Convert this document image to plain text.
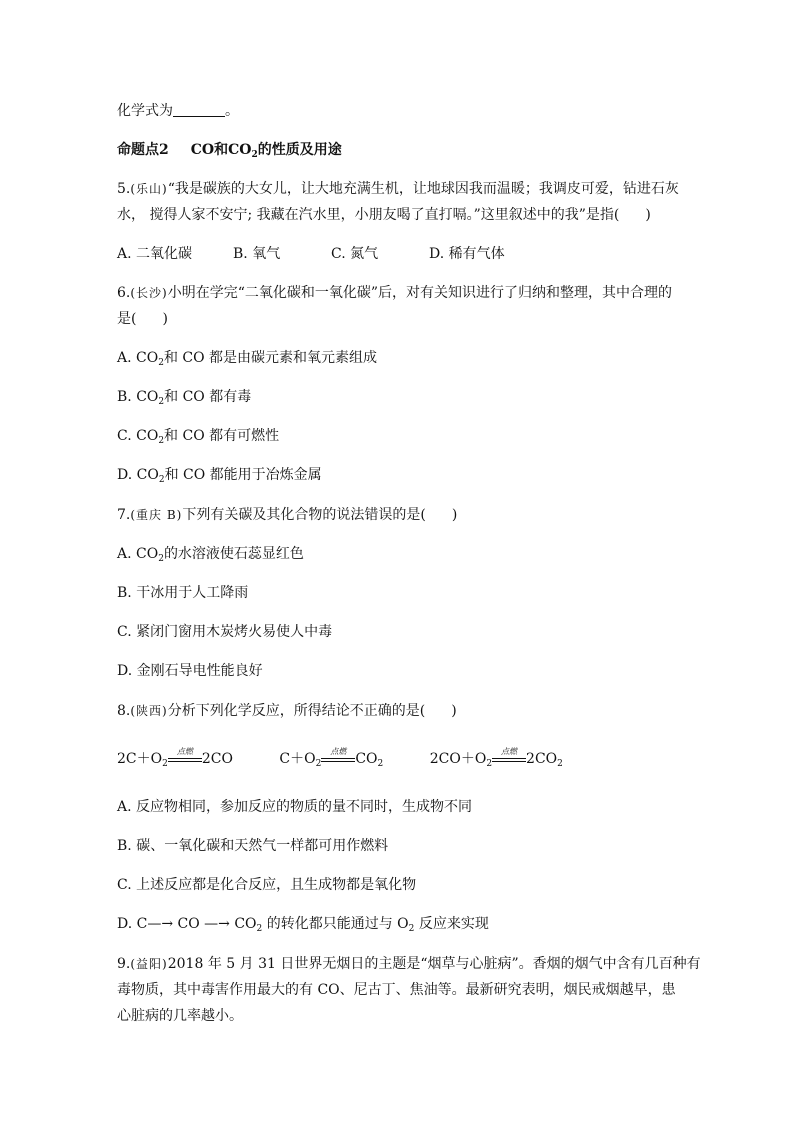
化学式为	。
命题点2 CO和$CO_2$的性质及用途
5.(乐山)“我是碳族的大女儿，让大地充满生机，让地球因我而温暖；我调皮可爱，钻进石灰
水， 搅得人家不安宁; 我藏在汽水里，小朋友喝了直打嗝。”这里叙述中的我”是指( )
A. 二氧化碳	B. 氧气	C. 氮气	D. 稀有气体
6.(长沙)小明在学完“二氧化碳和一氧化碳”后，对有关知识进行了归纳和整理，其中合理的
是( )
A. $CO_2$和 CO 都是由碳元素和氧元素组成
B. $CO_2$和 CO 都有毒
C. $CO_2$和 CO 都有可燃性
D. $CO_2$和 CO 都能用于冶炼金属
7.(重庆 B)下列有关碳及其化合物的说法错误的是( )
A. $CO_2$的水溶液使石蕊显红色
B. 干冰用于人工降雨
C. 紧闭门窗用木炭烤火易使人中毒
D. 金刚石导电性能良好
8.(陕西)分析下列化学反应，所得结论不正确的是( )
$2C+O_2$
点燃 2CO	$C+O_2$
点燃 $CO_2$	$2CO+O_2$
点燃 $2CO_2$
A. 反应物相同，参加反应的物质的量不同时，生成物不同
B. 碳、一氧化碳和天然气一样都可用作燃料
C. 上述反应都是化合反应，且生成物都是氧化物
D. C—→ CO —→ $CO_2$ 的转化都只能通过与 $O_2$ 反应来实现
9.(益阳)2018 年 5 月 31 日世界无烟日的主题是“烟草与心脏病”。香烟的烟气中含有几百种有
毒物质，其中毒害作用最大的有 CO、尼古丁、焦油等。最新研究表明，烟民戒烟越早，患
心脏病的几率越小。
